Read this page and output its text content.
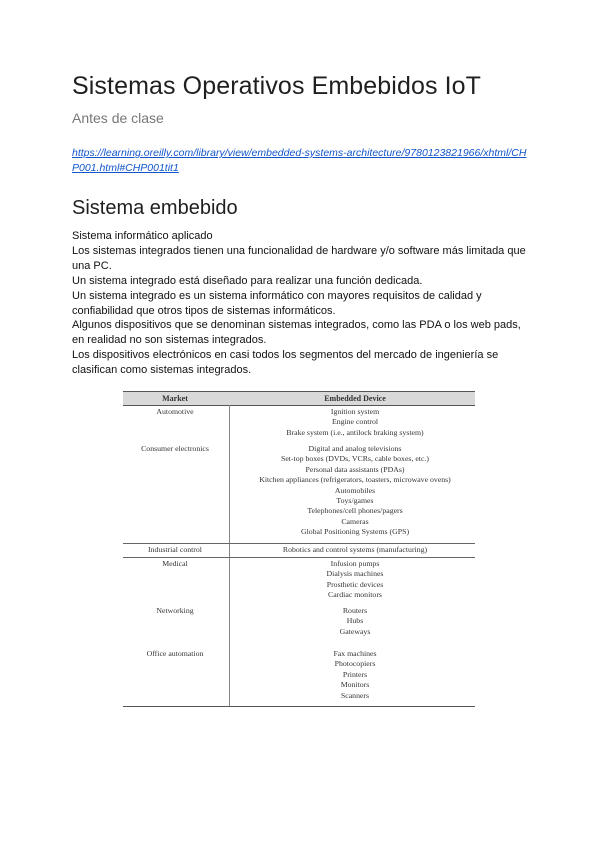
Sistemas Operativos Embebidos IoT

Antes de clase

https://learning.oreilly.com/library/view/embedded-systems-architecture/9780123821966/xhtml/CHP001.html#CHP001tit1
Sistema embebido

Sistema informático aplicado

Los sistemas integrados tienen una funcionalidad de hardware y/o software más limitada que una PC.

Un sistema integrado está diseñado para realizar una función dedicada.

Un sistema integrado es un sistema informático con mayores requisitos de calidad y confiabilidad que otros tipos de sistemas informáticos.

Algunos dispositivos que se denominan sistemas integrados, como las PDA o los web pads, en realidad no son sistemas integrados.

Los dispositivos electrónicos en casi todos los segmentos del mercado de ingeniería se clasifican como sistemas integrados.

Market	Embedded Device
Automotive	Ignition system
Engine control
Brake system (i.e., antilock braking system)
Consumer electronics	Digital and analog televisions
Set-top boxes (DVDs, VCRs, cable boxes, etc.)
Personal data assistants (PDAs)
Kitchen appliances (refrigerators, toasters, microwave ovens)
Automobiles
Toys/games
Telephones/cell phones/pagers
Cameras
Global Positioning Systems (GPS)
Industrial control	Robotics and control systems (manufacturing)
Medical	Infusion pumps
Dialysis machines
Prosthetic devices
Cardiac monitors
Networking	Routers
Hubs
Gateways
Office automation	Fax machines
Photocopiers
Printers
Monitors
Scanners
